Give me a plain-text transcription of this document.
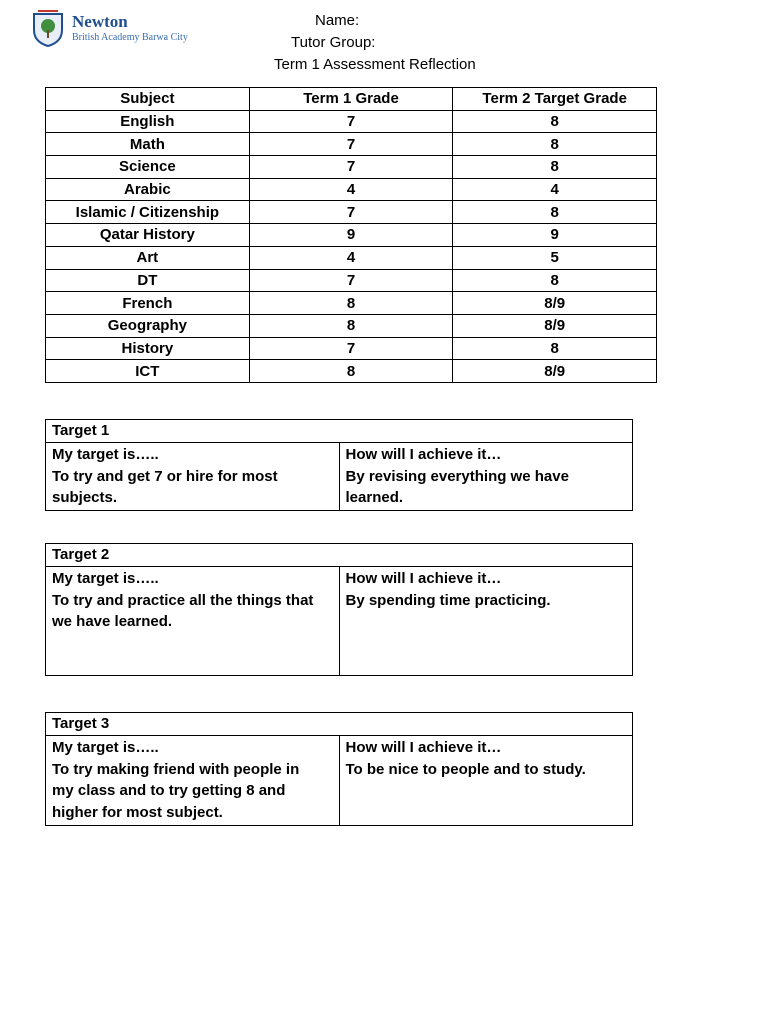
Newton
British Academy Barwa City
Name:
Tutor Group:
Term 1 Assessment Reflection
Subject	Term 1 Grade	Term 2 Target Grade
English	7	8
Math	7	8
Science	7	8
Arabic	4	4
Islamic / Citizenship	7	8
Qatar History	9	9
Art	4	5
DT	7	8
French	8	8/9
Geography	8	8/9
History	7	8
ICT	8	8/9
Target 1

My target is…..
To try and get 7 or hire for most
subjects.

How will I achieve it…
By revising everything we have
learned.
Target 2

My target is…..
To try and practice all the things that
we have learned.

How will I achieve it…
By spending time practicing.
Target 3

My target is…..
To try making friend with people in
my class and to try getting 8 and
higher for most subject.

How will I achieve it…
To be nice to people and to study.
